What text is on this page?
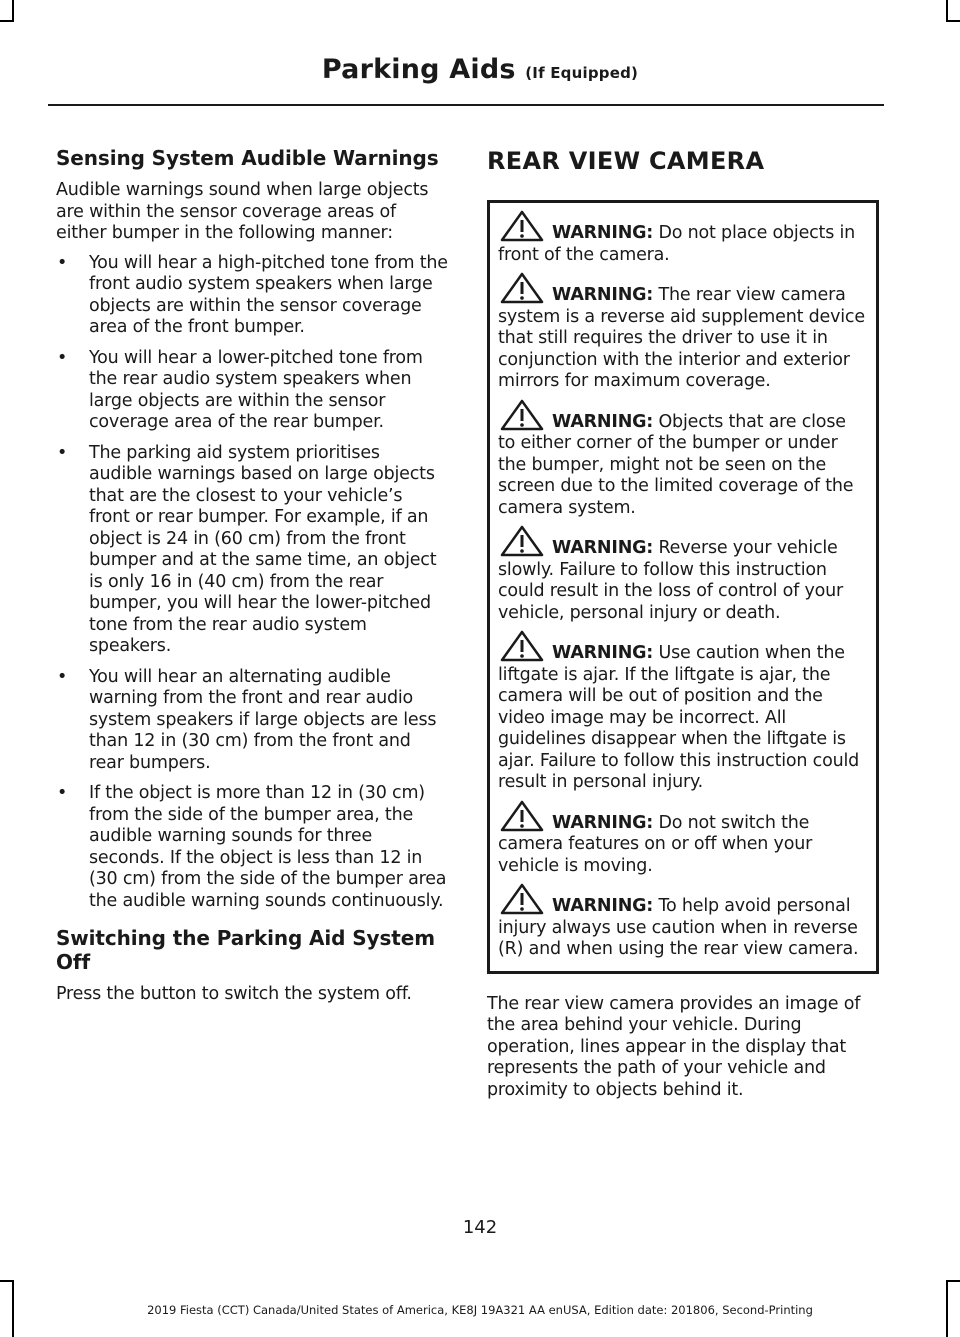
Parking Aids (If Equipped)
Sensing System Audible Warnings

Audible warnings sound when large objects are within the sensor coverage areas of either bumper in the following manner:

• You will hear a high-pitched tone from the front audio system speakers when large objects are within the sensor coverage area of the front bumper.
• You will hear a lower-pitched tone from the rear audio system speakers when large objects are within the sensor coverage area of the rear bumper.
• The parking aid system prioritises audible warnings based on large objects that are the closest to your vehicle’s front or rear bumper. For example, if an object is 24 in (60 cm) from the front bumper and at the same time, an object is only 16 in (40 cm) from the rear bumper, you will hear the lower-pitched tone from the rear audio system speakers.
• You will hear an alternating audible warning from the front and rear audio system speakers if large objects are less than 12 in (30 cm) from the front and rear bumpers.
• If the object is more than 12 in (30 cm) from the side of the bumper area, the audible warning sounds for three seconds. If the object is less than 12 in (30 cm) from the side of the bumper area the audible warning sounds continuously.
Switching the Parking Aid System Off

Press the button to switch the system off.

REAR VIEW CAMERA
WARNING: Do not place objects in front of the camera.
WARNING: The rear view camera system is a reverse aid supplement device that still requires the driver to use it in conjunction with the interior and exterior mirrors for maximum coverage.
WARNING: Objects that are close to either corner of the bumper or under the bumper, might not be seen on the screen due to the limited coverage of the camera system.
WARNING: Reverse your vehicle slowly. Failure to follow this instruction could result in the loss of control of your vehicle, personal injury or death.
WARNING: Use caution when the liftgate is ajar. If the liftgate is ajar, the camera will be out of position and the video image may be incorrect. All guidelines disappear when the liftgate is ajar. Failure to follow this instruction could result in personal injury.
WARNING: Do not switch the camera features on or off when your vehicle is moving.
WARNING: To help avoid personal injury always use caution when in reverse (R) and when using the rear view camera.

The rear view camera provides an image of the area behind your vehicle. During operation, lines appear in the display that represents the path of your vehicle and proximity to objects behind it.

142
2019 Fiesta (CCT) Canada/United States of America, KE8J 19A321 AA enUSA, Edition date: 201806, Second-Printing
